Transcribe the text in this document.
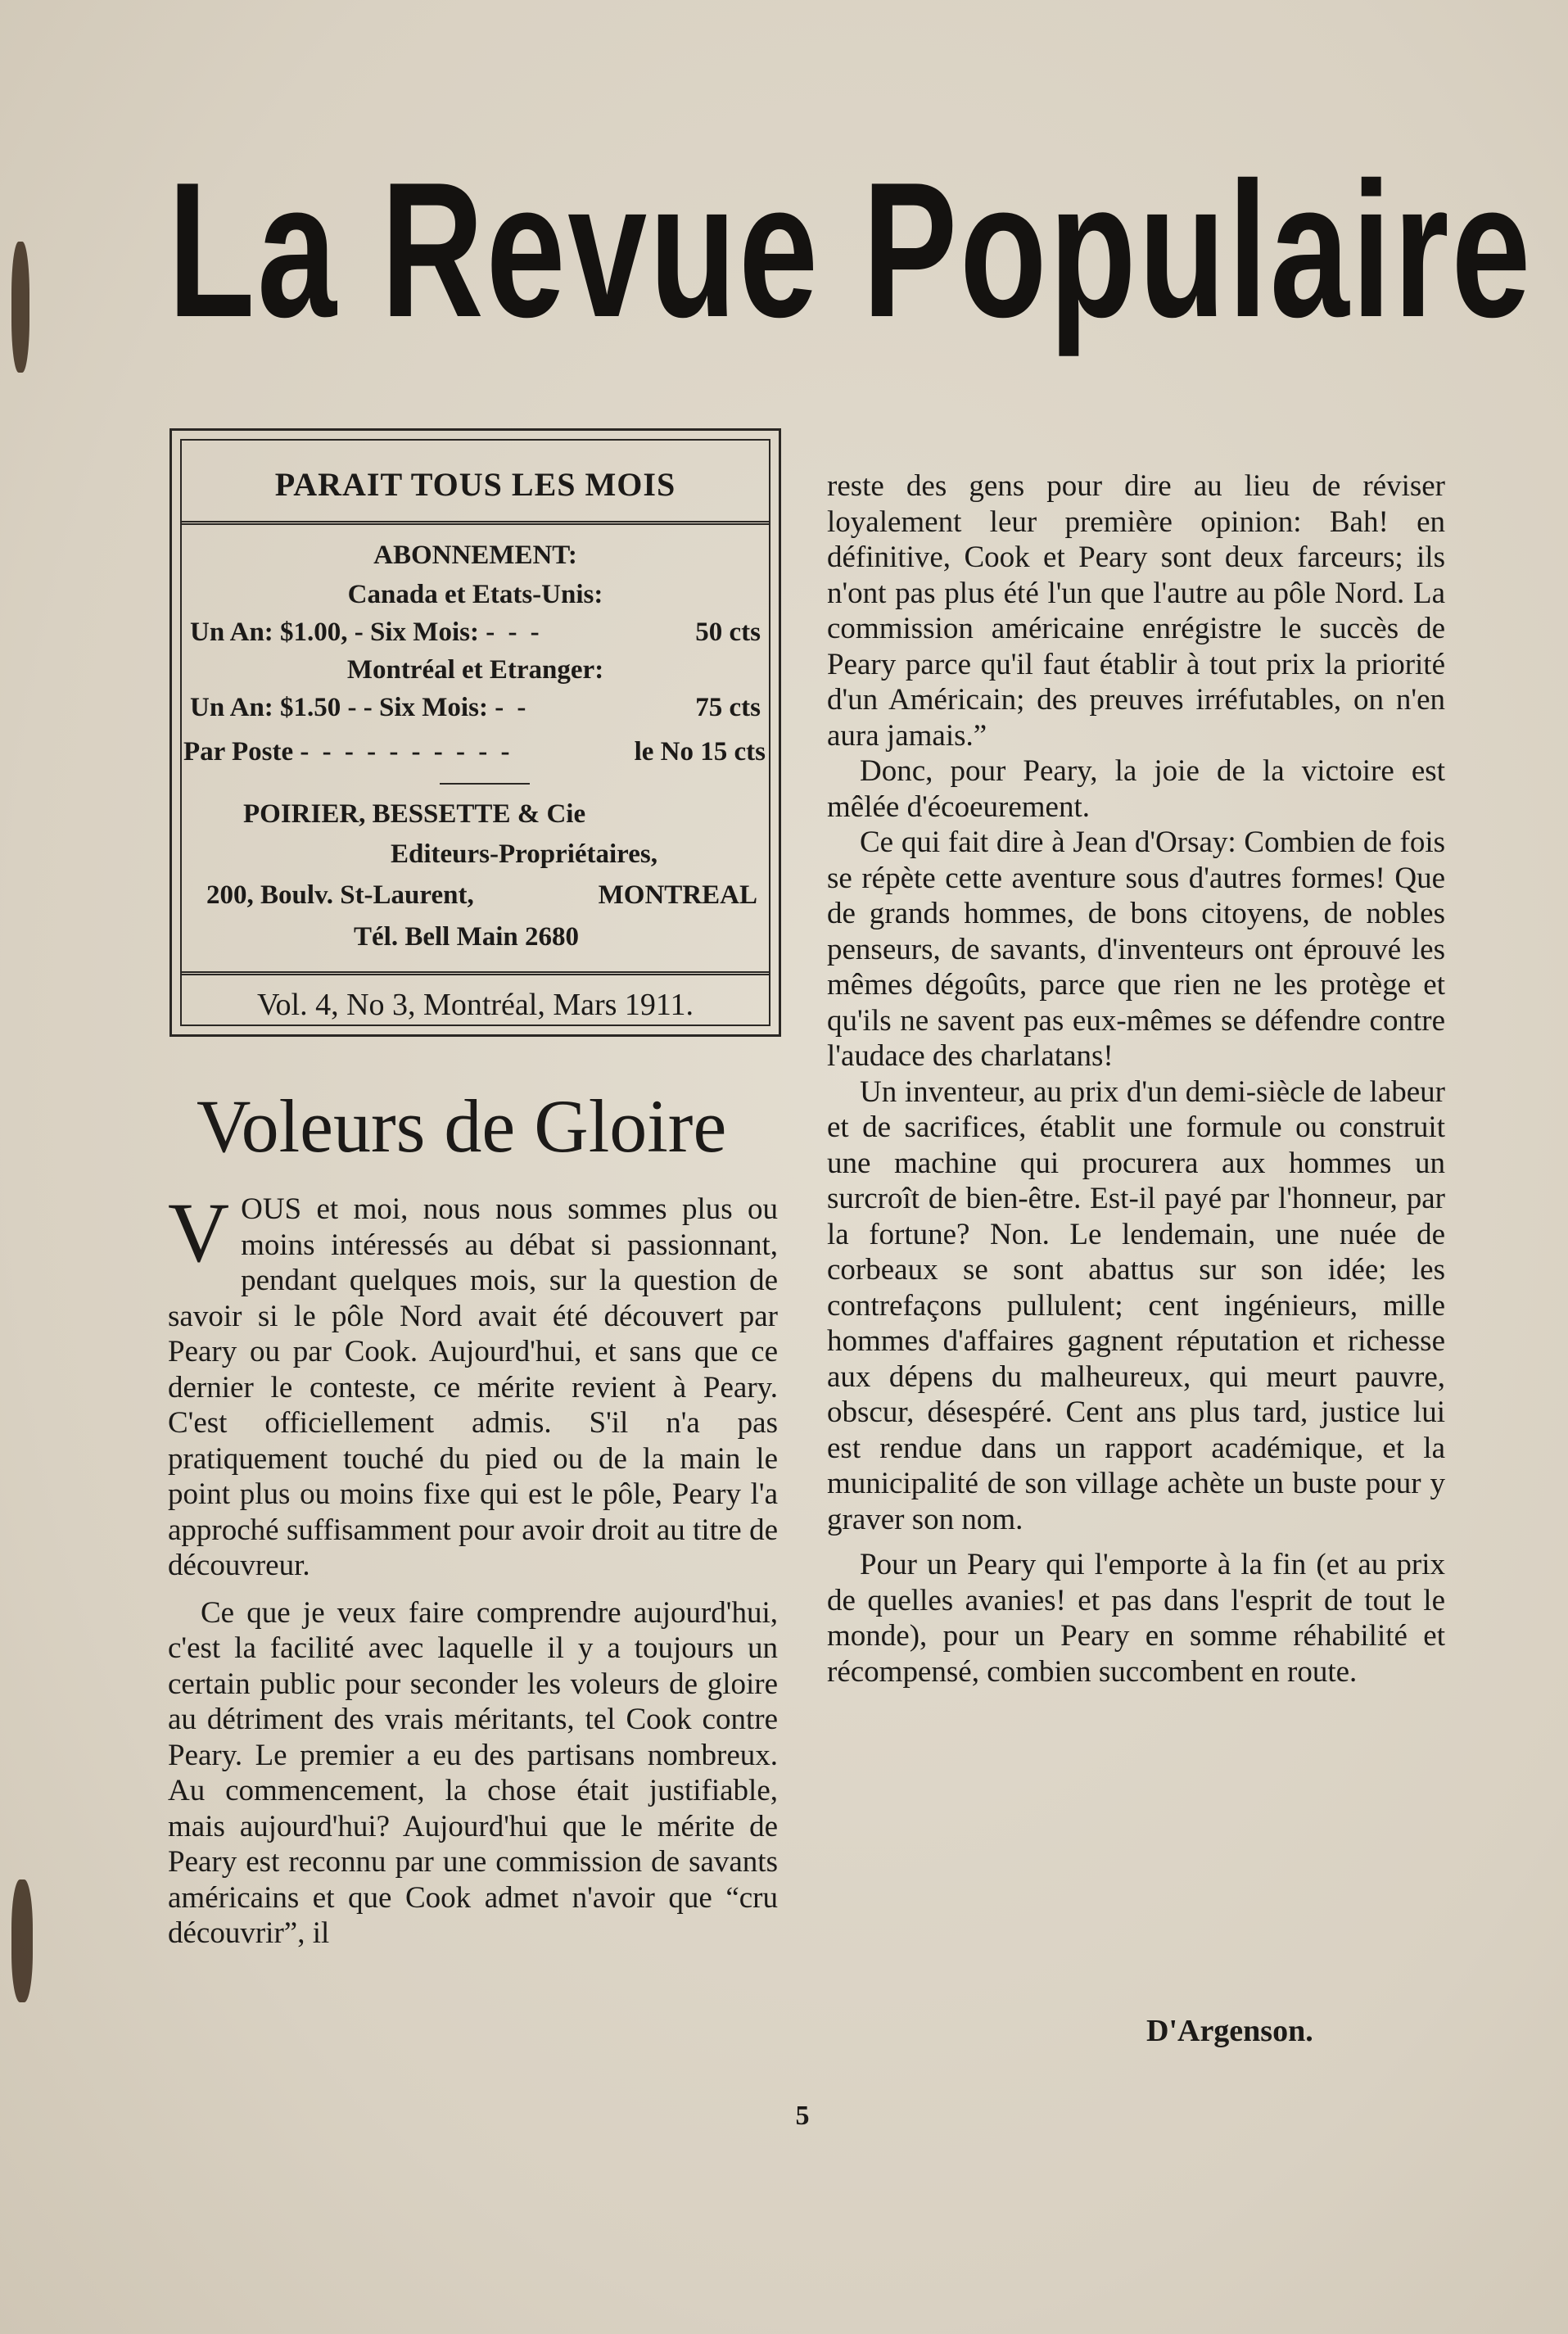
La Revue Populaire
PARAIT TOUS LES MOIS
ABONNEMENT:
Canada et Etats-Unis:
Un An: $1.00, - Six Mois: - - -	50 cts
Montréal et Etranger:
Un An: $1.50 - - Six Mois: - -	75 cts
Par Poste - - - - - - - - - -	le No 15 cts
POIRIER, BESSETTE & Cie
Editeurs-Propriétaires,
200, Boulv. St-Laurent,	MONTREAL
Tél. Bell Main 2680
Vol. 4, No 3, Montréal, Mars 1911.
Voleurs de Gloire

VOUS et moi, nous nous sommes plus ou moins intéressés au débat si passionnant, pendant quelques mois, sur la question de savoir si le pôle Nord avait été découvert par Peary ou par Cook. Aujourd'hui, et sans que ce dernier le conteste, ce mérite revient à Peary. C'est officiellement admis. S'il n'a pas pratiquement touché du pied ou de la main le point plus ou moins fixe qui est le pôle, Peary l'a approché suffisamment pour avoir droit au titre de découvreur.

Ce que je veux faire comprendre aujourd'hui, c'est la facilité avec laquelle il y a toujours un certain public pour seconder les voleurs de gloire au détriment des vrais méritants, tel Cook contre Peary. Le premier a eu des partisans nombreux. Au commencement, la chose était justifiable, mais aujourd'hui? Aujourd'hui que le mérite de Peary est reconnu par une commission de savants américains et que Cook admet n'avoir que “cru découvrir”, il

reste des gens pour dire au lieu de réviser loyalement leur première opinion: Bah! en définitive, Cook et Peary sont deux farceurs; ils n'ont pas plus été l'un que l'autre au pôle Nord. La commission américaine enrégistre le succès de Peary parce qu'il faut établir à tout prix la priorité d'un Américain; des preuves irréfutables, on n'en aura jamais.”

Donc, pour Peary, la joie de la victoire est mêlée d'écoeurement.

Ce qui fait dire à Jean d'Orsay: Combien de fois se répète cette aventure sous d'autres formes! Que de grands hommes, de bons citoyens, de nobles penseurs, de savants, d'inventeurs ont éprouvé les mêmes dégoûts, parce que rien ne les protège et qu'ils ne savent pas eux-mêmes se défendre contre l'audace des charlatans!

Un inventeur, au prix d'un demi-siècle de labeur et de sacrifices, établit une formule ou construit une machine qui procurera aux hommes un surcroît de bien-être. Est-il payé par l'honneur, par la fortune? Non. Le lendemain, une nuée de corbeaux se sont abattus sur son idée; les contrefaçons pullulent; cent ingénieurs, mille hommes d'affaires gagnent réputation et richesse aux dépens du malheureux, qui meurt pauvre, obscur, désespéré. Cent ans plus tard, justice lui est rendue dans un rapport académique, et la municipalité de son village achète un buste pour y graver son nom.

Pour un Peary qui l'emporte à la fin (et au prix de quelles avanies! et pas dans l'esprit de tout le monde), pour un Peary en somme réhabilité et récompensé, combien succombent en route.

D'Argenson.
5
